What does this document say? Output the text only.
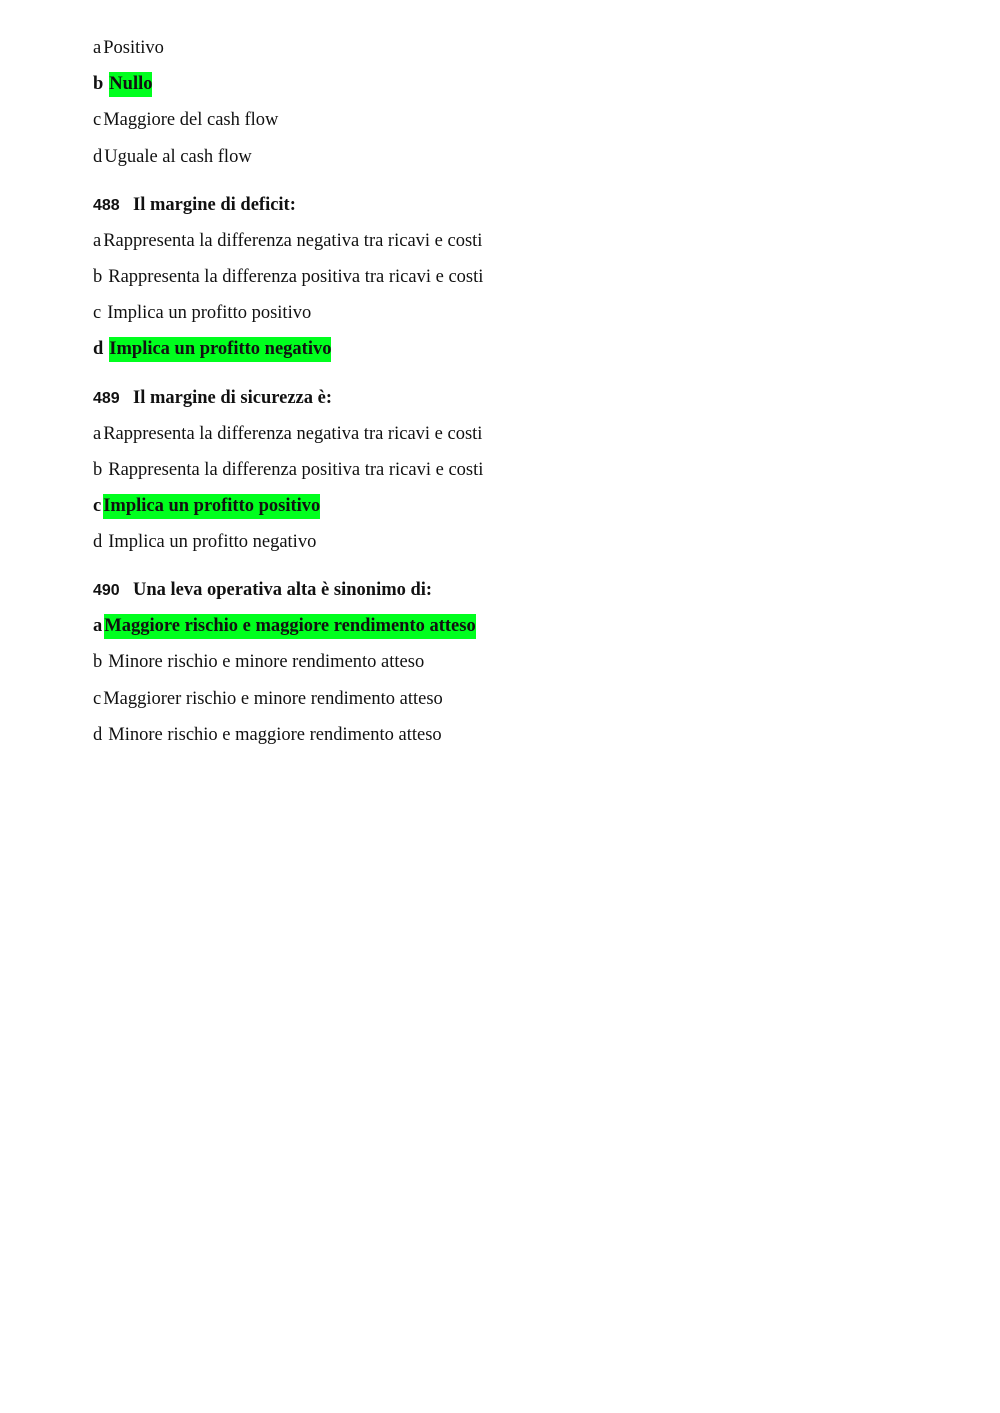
a Positivo
b Nullo
c Maggiore del cash flow
d Uguale al cash flow
488 Il margine di deficit:
a Rappresenta la differenza negativa tra ricavi e costi
b Rappresenta la differenza positiva tra ricavi e costi
c Implica un profitto positivo
d Implica un profitto negativo
489 Il margine di sicurezza è:
a Rappresenta la differenza negativa tra ricavi e costi
b Rappresenta la differenza positiva tra ricavi e costi
c Implica un profitto positivo
d Implica un profitto negativo
490 Una leva operativa alta è sinonimo di:
a Maggiore rischio e maggiore rendimento atteso
b Minore rischio e minore rendimento atteso
c Maggiorer rischio e minore rendimento atteso
d Minore rischio e maggiore rendimento atteso
